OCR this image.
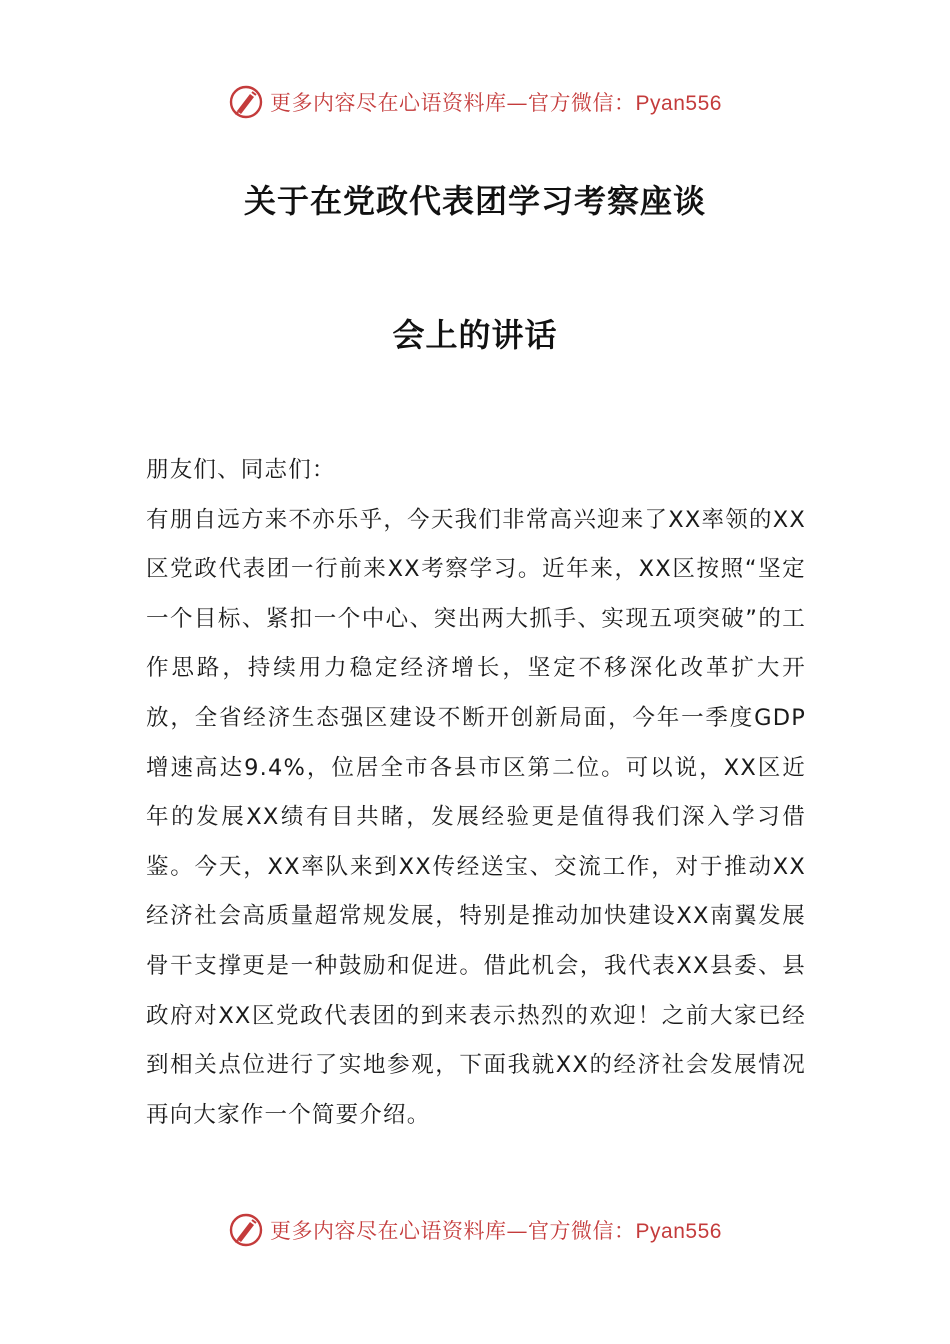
更多内容尽在心语资料库—官方微信：Pyan556
关于在党政代表团学习考察座谈
会上的讲话

朋友们、同志们：

有朋自远方来不亦乐乎，今天我们非常高兴迎来了XX率领的XX区党政代表团一行前来XX考察学习。近年来，XX区按照“坚定一个目标、紧扣一个中心、突出两大抓手、实现五项突破”的工作思路，持续用力稳定经济增长，坚定不移深化改革扩大开放，全省经济生态强区建设不断开创新局面，今年一季度GDP增速高达9.4%，位居全市各县市区第二位。可以说，XX区近年的发展XX绩有目共睹，发展经验更是值得我们深入学习借鉴。今天，XX率队来到XX传经送宝、交流工作，对于推动XX经济社会高质量超常规发展，特别是推动加快建设XX南翼发展骨干支撑更是一种鼓励和促进。借此机会，我代表XX县委、县政府对XX区党政代表团的到来表示热烈的欢迎！之前大家已经到相关点位进行了实地参观，下面我就XX的经济社会发展情况再向大家作一个简要介绍。

更多内容尽在心语资料库—官方微信：Pyan556
